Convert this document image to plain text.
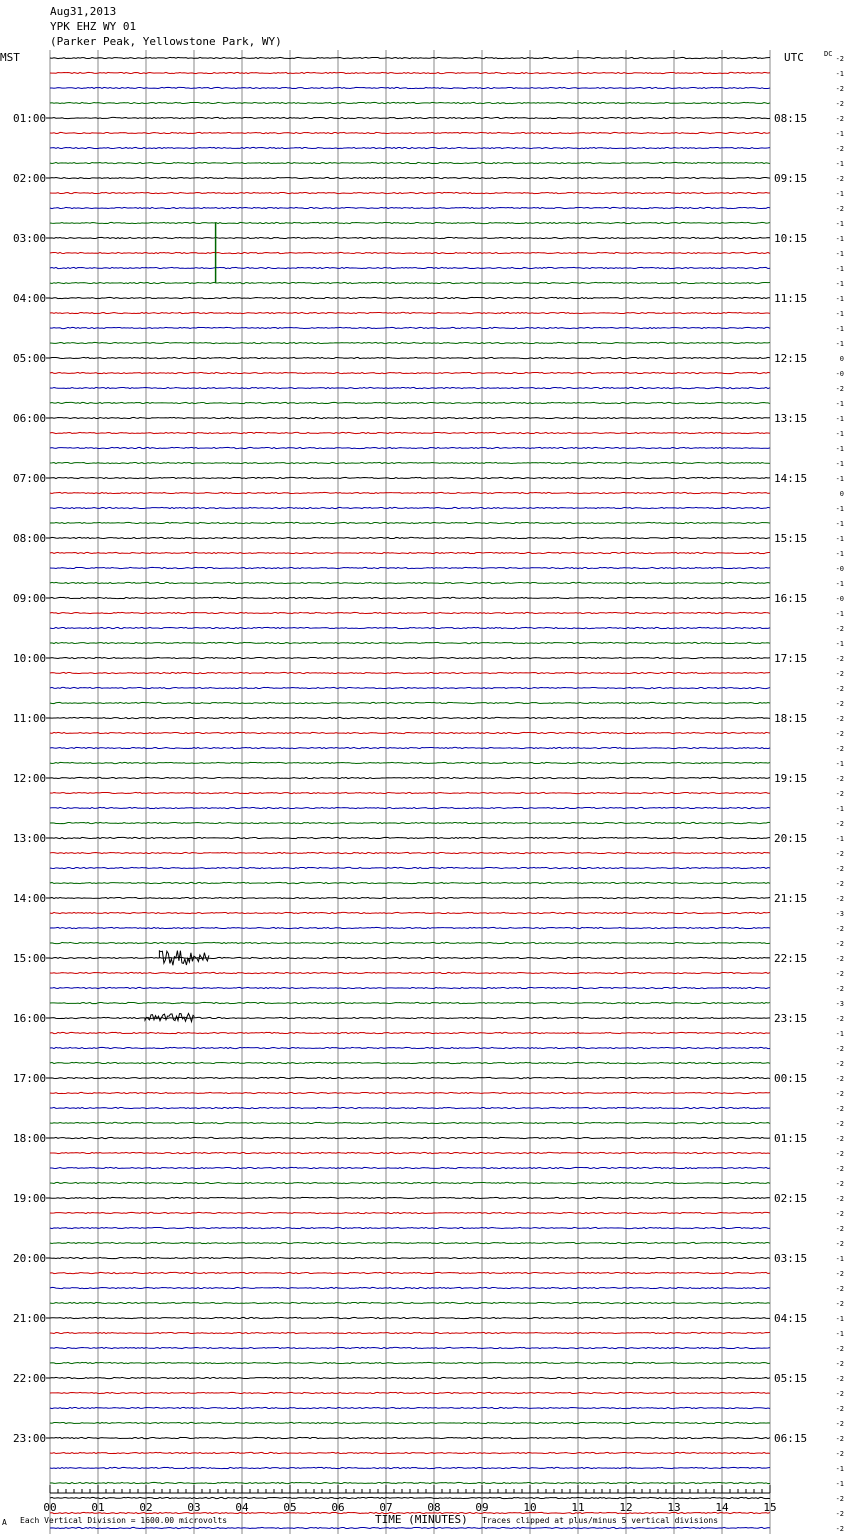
Aug31,2013
YPK EHZ WY 01
(Parker Peak, Yellowstone Park, WY)
MST	UTC	DC
01:00
02:00
03:00
04:00
05:00
06:00
07:00
08:00
09:00
10:00
11:00
12:00
13:00
14:00
15:00
16:00
17:00
18:00
19:00
20:00
21:00
22:00
23:00
08:15
09:15
10:15
11:15
12:15
13:15
14:15
15:15
16:15
17:15
18:15
19:15
20:15
21:15
22:15
23:15
00:15
01:15
02:15
03:15
04:15
05:15
06:15
-2
-1
-2
-2
-2
-1
-2
-1
-2
-1
-2
-1
-1
-1
-1
-1
-1
-1
-1
-1
0
-0
-2
-1
-1
-1
-1
-1
-1
0
-1
-1
-1
-1
-0
-1
-0
-1
-2
-1
-2
-2
-2
-2
-2
-2
-2
-1
-2
-2
-1
-2
-1
-2
-2
-2
-2
-3
-2
-2
-2
-2
-2
-3
-2
-1
-2
-2
-2
-2
-2
-2
-2
-2
-2
-2
-2
-2
-2
-2
-1
-2
-2
-2
-1
-1
-2
-2
-2
-2
-2
-2
-2
-2
-1
-1
-2
-2
-2
00	01	02	03	04	05	06	07	08	09	10	11	12	13	14	15
A Each Vertical Division = 1600.00 microvolts	TIME (MINUTES) Traces clipped at plus/minus 5 vertical divisions
